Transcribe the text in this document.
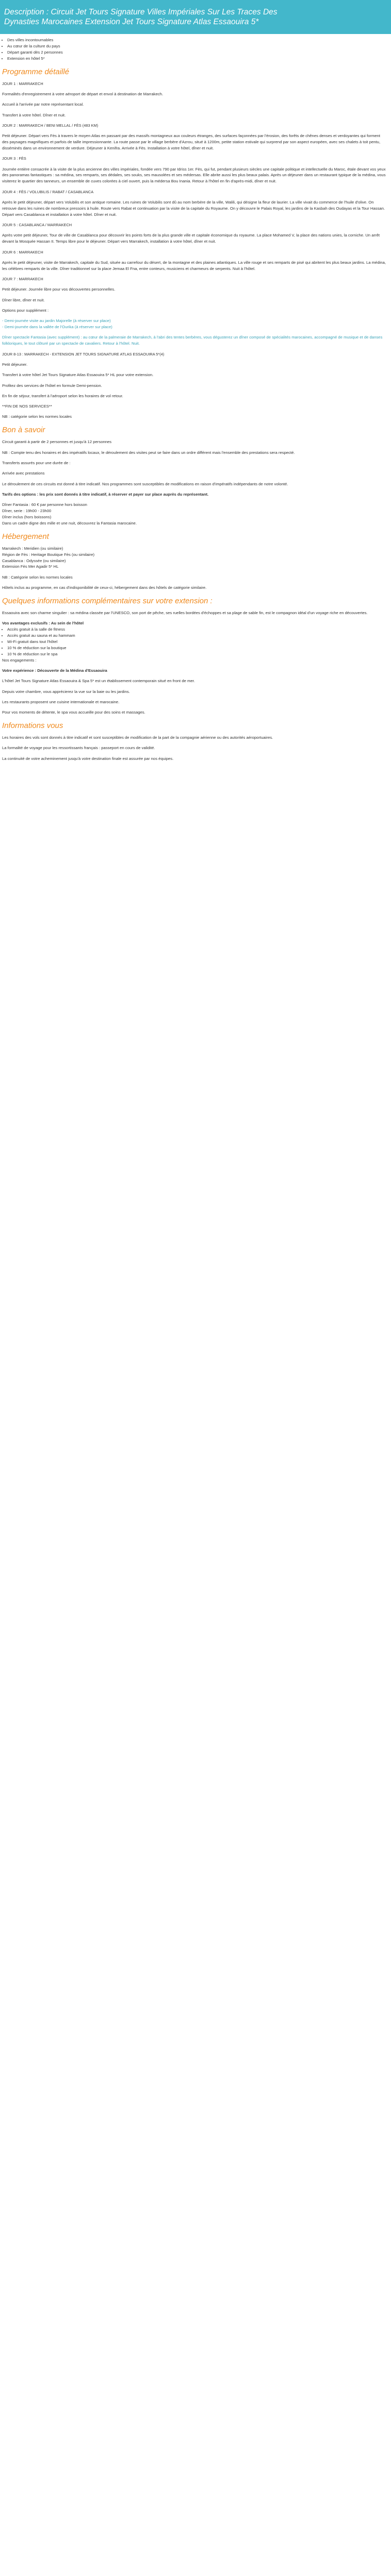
Description : Circuit Jet Tours Signature Villes Impériales Sur Les Traces Des Dynasties Marocaines Extension Jet Tours Signature Atlas Essaouira 5*
• Des villes incontournables
• Au cœur de la culture du pays
• Départ garanti dès 2 personnes
• Extension en hôtel 5*
Programme détaillé

JOUR 1 : MARRAKECH

Formalités d'enregistrement à votre aéroport de départ et envol à destination de Marrakech.

Accueil à l'arrivée par notre représentant local.

Transfert à votre hôtel. Dîner et nuit.

JOUR 2 : MARRAKECH / BENI MELLAL / FÈS (483 KM)

Petit déjeuner. Départ vers Fès à travers le moyen Atlas en passant par des massifs montagneux aux couleurs étranges, des surfaces façonnées par l'érosion, des forêts de chênes denses et verdoyantes qui forment des paysages magnifiques et parfois de taille impressionnante. La route passe par le village berbère d'Azrou, situé à 1200m, petite station estivale qui surprend par son aspect européen, avec ses chalets à toit pentu, disséminés dans un environnement de verdure. Déjeuner à Kenifra. Arrivée à Fès. Installation à votre hôtel, dîner et nuit.

JOUR 3 : FÈS

Journée entière consacrée à la visite de la plus ancienne des villes impériales, fondée vers 790 par Idriss 1er. Fès, qui fut, pendant plusieurs siècles une capitale politique et intellectuelle du Maroc, étale devant vos yeux des panoramas fantastiques : sa médina, ses remparts, ses dédales, ses souks, ses mausolées et ses médersas. Elle abrite aussi les plus beaux palais. Après un déjeuner dans un restaurant typique de la médina, vous visiterez le quartier des tanneurs, un ensemble de cuves colorées à ciel ouvert, puis la médersa Bou Inania. Retour à l'hôtel en fin d'après-midi, dîner et nuit.

JOUR 4 : FÈS / VOLUBILIS / RABAT / CASABLANCA

Après le petit déjeuner, départ vers Volubilis et son antique romaine. Les ruines de Volubilis sont dû au nom berbère de la ville, Walili, qui désigne la fleur de laurier. La ville vivait du commerce de l'huile d'olive. On retrouve dans les ruines de nombreux pressoirs à huile. Route vers Rabat et continuation par la visite de la capitale du Royaume. On y découvre le Palais Royal, les jardins de la Kasbah des Oudayas et la Tour Hassan. Départ vers Casablanca et installation à votre hôtel. Dîner et nuit.

JOUR 5 : CASABLANCA / MARRAKECH

Après votre petit déjeuner, Tour de ville de Casablanca pour découvrir les points forts de la plus grande ville et capitale économique du royaume. La place Mohamed V, la place des nations unies, la corniche. Un arrêt devant la Mosquée Hassan II. Temps libre pour le déjeuner. Départ vers Marrakech, installation à votre hôtel, dîner et nuit.

JOUR 6 : MARRAKECH

Après le petit déjeuner, visite de Marrakech, capitale du Sud, située au carrefour du désert, de la montagne et des plaines atlantiques. La ville rouge et ses remparts de pisé qui abritent les plus beaux jardins. La médina, les célèbres remparts de la ville. Dîner traditionnel sur la place Jemaa El Fna, entre conteurs, musiciens et charmeurs de serpents. Nuit à l'hôtel.

JOUR 7 : MARRAKECH

Petit déjeuner. Journée libre pour vos découvertes personnelles.

Dîner libre, dîner et nuit.

Options pour supplément :

- Demi-journée visite au jardin Majorelle (à réserver sur place)

- Demi-journée dans la vallée de l'Ourika (à réserver sur place)

Dîner spectacle Fantasia (avec supplément) : au cœur de la palmeraie de Marrakech, à l'abri des tentes berbères, vous dégusterez un dîner composé de spécialités marocaines, accompagné de musique et de danses folkloriques, le tout clôturé par un spectacle de cavaliers. Retour à l'hôtel. Nuit.

JOUR 8-13 : MARRAKECH - EXTENSION JET TOURS SIGNATURE ATLAS ESSAOUIRA 5*(4)

Petit déjeuner.

Transfert à votre hôtel Jet Tours Signature Atlas Essaouira 5* HL pour votre extension.

Profitez des services de l'hôtel en formule Demi-pension.

En fin de séjour, transfert à l'aéroport selon les horaires de vol retour.

**FIN DE NOS SERVICES**

NB : catégorie selon les normes locales

Bon à savoir

Circuit garanti à partir de 2 personnes et jusqu'à 12 personnes

NB : Compte tenu des horaires et des impératifs locaux, le déroulement des visites peut se faire dans un ordre différent mais l'ensemble des prestations sera respecté.

Transferts assurés pour une durée de :

Arrivée avec prestations

Le déroulement de ces circuits est donné à titre indicatif. Nos programmes sont susceptibles de modifications en raison d'impératifs indépendants de notre volonté.

Tarifs des options : les prix sont donnés à titre indicatif, à réserver et payer sur place auprès du représentant.

Dîner Fantasia : 60 € par personne hors boisson

Dîner, serie : 19h00 - 23h00

Dîner inclus (hors boissons)

Dans un cadre digne des mille et une nuit, découvrez la Fantasia marocaine.

Hébergement

Marrakech : Meridien (ou similaire)

Région de Fès : Heritage Boutique Fès (ou similaire)

Casablanca : Odyssée (ou similaire)

Extension Fès Mer Agadir 5* HL

NB : Catégorie selon les normes locales

Hôtels inclus au programme, en cas d'indisponibilité de ceux-ci, hébergement dans des hôtels de catégorie similaire.

Quelques informations complémentaires sur votre extension :

Essaouira avec son charme singulier : sa médina classée par l'UNESCO, son port de pêche, ses ruelles bordées d'échoppes et sa plage de sable fin, est le compagnon idéal d'un voyage riche en découvertes.

Vos avantages exclusifs : Au sein de l'hôtel

• Accès gratuit à la salle de fitness
• Accès gratuit au sauna et au hammam
• Wi-Fi gratuit dans tout l'hôtel
• 10 % de réduction sur la boutique
• 10 % de réduction sur le spa

Nos engagements :

Votre expérience : Découverte de la Médina d'Essaouira

L'hôtel Jet Tours Signature Atlas Essaouira & Spa 5* est un établissement contemporain situé en front de mer.

Depuis votre chambre, vous apprécierez la vue sur la baie ou les jardins.

Les restaurants proposent une cuisine internationale et marocaine.

Pour vos moments de détente, le spa vous accueille pour des soins et massages.

Informations vous

Les horaires des vols sont donnés à titre indicatif et sont susceptibles de modification de la part de la compagnie aérienne ou des autorités aéroportuaires.

La formalité de voyage pour les ressortissants français : passeport en cours de validité.

La continuité de votre acheminement jusqu'à votre destination finale est assurée par nos équipes.
